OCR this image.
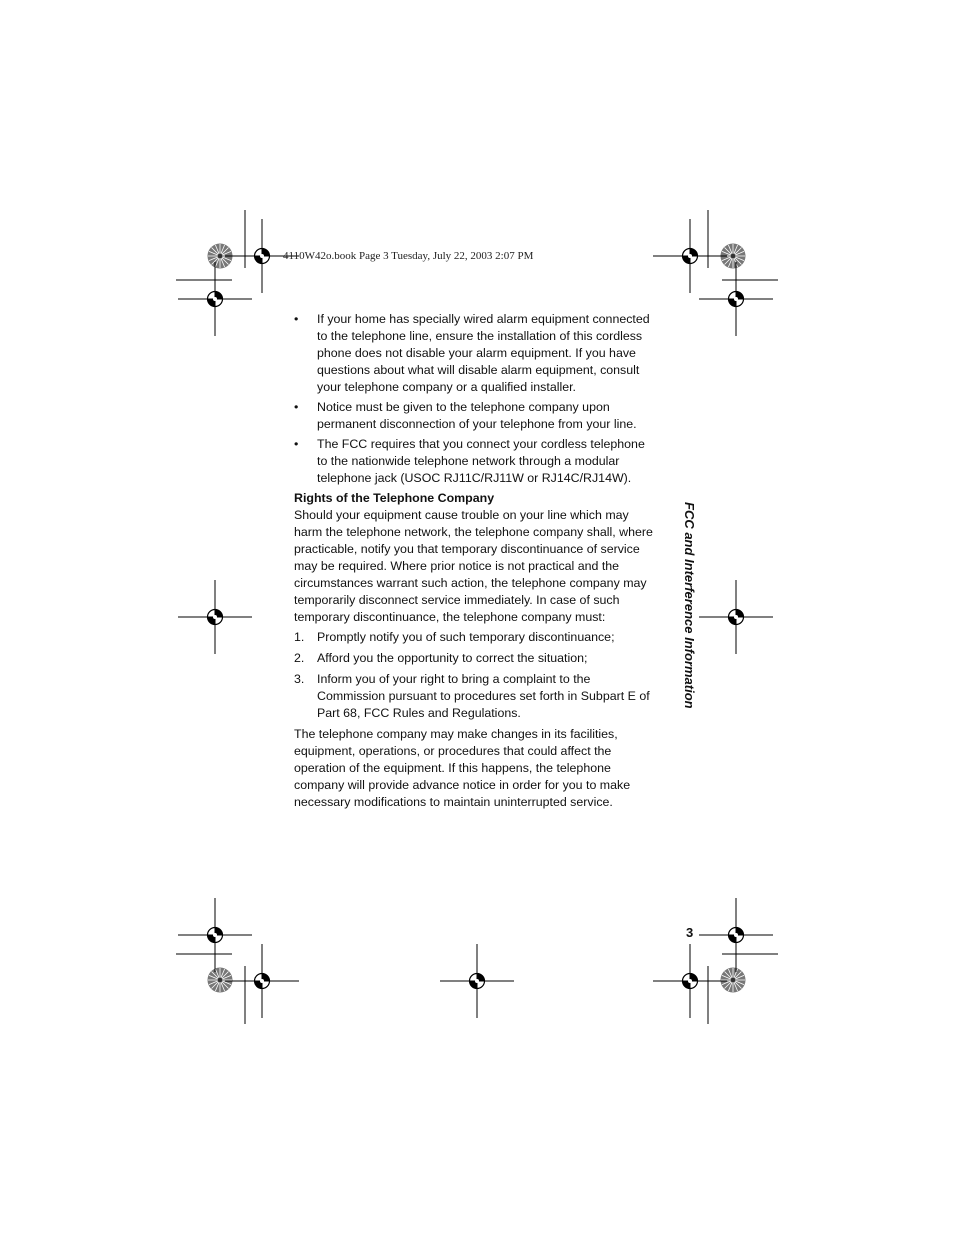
4110W42o.book Page 3 Tuesday, July 22, 2003 2:07 PM
• If your home has specially wired alarm equipment connected to the telephone line, ensure the installation of this cordless phone does not disable your alarm equipment. If you have questions about what will disable alarm equipment, consult your telephone company or a qualified installer.

• Notice must be given to the telephone company upon permanent disconnection of your telephone from your line.

• The FCC requires that you connect your cordless telephone to the nationwide telephone network through a modular telephone jack (USOC RJ11C/RJ11W or RJ14C/RJ14W).

Rights of the Telephone Company

Should your equipment cause trouble on your line which may harm the telephone network, the telephone company shall, where practicable, notify you that temporary discontinuance of service may be required. Where prior notice is not practical and the circumstances warrant such action, the telephone company may temporarily disconnect service immediately. In case of such temporary discontinuance, the telephone company must:

1. Promptly notify you of such temporary discontinuance;

2. Afford you the opportunity to correct the situation;

3. Inform you of your right to bring a complaint to the Commission pursuant to procedures set forth in Subpart E of Part 68, FCC Rules and Regulations.

The telephone company may make changes in its facilities, equipment, operations, or procedures that could affect the operation of the equipment. If this happens, the telephone company will provide advance notice in order for you to make necessary modifications to maintain uninterrupted service.

FCC and Interference Information
3
